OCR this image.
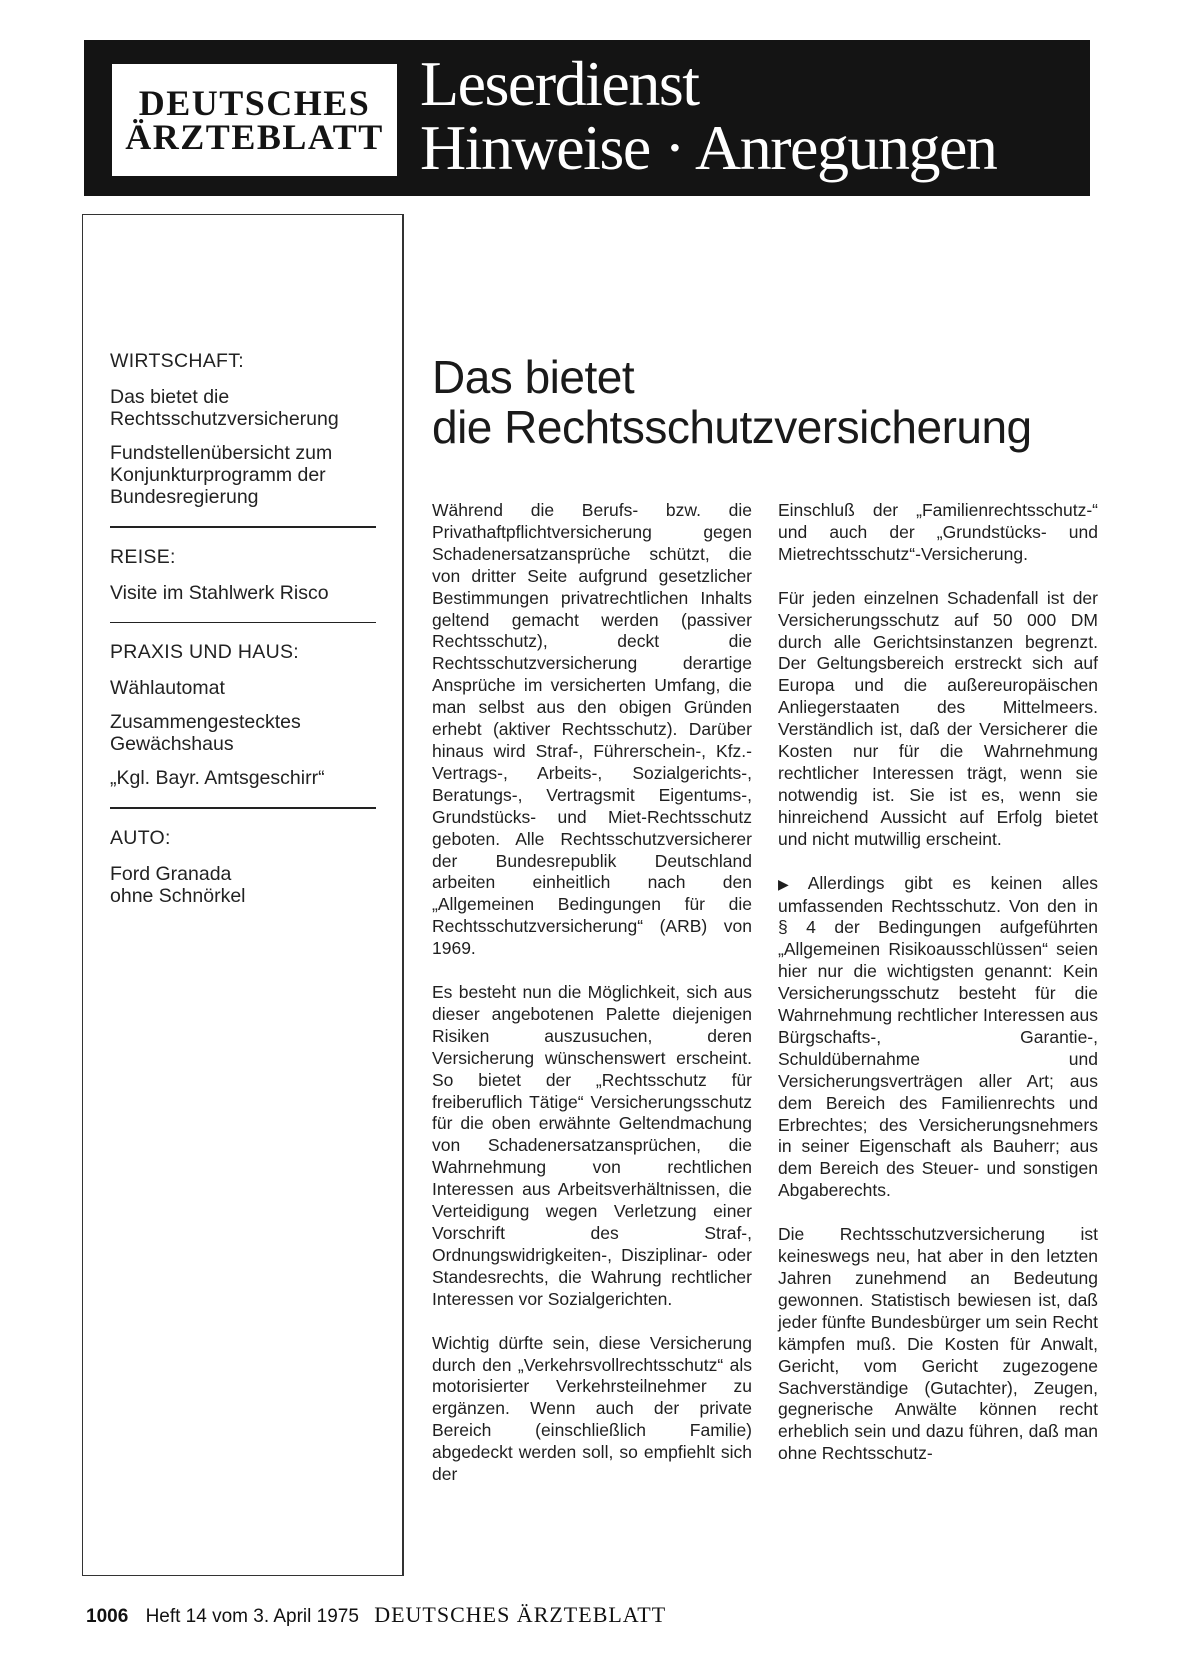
DEUTSCHES
ÄRZTEBLATT
Leserdienst
Hinweise · Anregungen
WIRTSCHAFT:
Das bietet die
Rechtsschutzversicherung
Fundstellenübersicht zum
Konjunkturprogramm der
Bundesregierung
REISE:
Visite im Stahlwerk Risco
PRAXIS UND HAUS:
Wählautomat
Zusammengestecktes
Gewächshaus
„Kgl. Bayr. Amtsgeschirr“
AUTO:
Ford Granada
ohne Schnörkel
Das bietet
die Rechtsschutzversicherung

Während die Berufs- bzw. die Privathaftpflichtversicherung gegen Schadenersatzansprüche schützt, die von dritter Seite aufgrund gesetzlicher Bestimmungen privatrechtlichen Inhalts geltend gemacht werden (passiver Rechtsschutz), deckt die Rechtsschutzversicherung derartige Ansprüche im versicherten Umfang, die man selbst aus den obigen Gründen erhebt (aktiver Rechtsschutz). Darüber hinaus wird Straf-, Führerschein-, Kfz.-Vertrags-, Arbeits-, Sozialgerichts-, Beratungs-, Vertragsmit Eigentums-, Grundstücks- und Miet-Rechtsschutz geboten. Alle Rechtsschutzversicherer der Bundesrepublik Deutschland arbeiten einheitlich nach den „Allgemeinen Bedingungen für die Rechtsschutzversicherung“ (ARB) von 1969.

Es besteht nun die Möglichkeit, sich aus dieser angebotenen Palette diejenigen Risiken auszusuchen, deren Versicherung wünschenswert erscheint. So bietet der „Rechtsschutz für freiberuflich Tätige“ Versicherungsschutz für die oben erwähnte Geltendmachung von Schadenersatzansprüchen, die Wahrnehmung von rechtlichen Interessen aus Arbeitsverhältnissen, die Verteidigung wegen Verletzung einer Vorschrift des Straf-, Ordnungswidrigkeiten-, Disziplinar- oder Standesrechts, die Wahrung rechtlicher Interessen vor Sozialgerichten.

Wichtig dürfte sein, diese Versicherung durch den „Verkehrsvollrechtsschutz“ als motorisierter Verkehrsteilnehmer zu ergänzen. Wenn auch der private Bereich (einschließlich Familie) abgedeckt werden soll, so empfiehlt sich der

Einschluß der „Familienrechtsschutz-“ und auch der „Grundstücks- und Mietrechtsschutz“-Versicherung.

Für jeden einzelnen Schadenfall ist der Versicherungsschutz auf 50 000 DM durch alle Gerichtsinstanzen begrenzt. Der Geltungsbereich erstreckt sich auf Europa und die außereuropäischen Anliegerstaaten des Mittelmeers. Verständlich ist, daß der Versicherer die Kosten nur für die Wahrnehmung rechtlicher Interessen trägt, wenn sie notwendig ist. Sie ist es, wenn sie hinreichend Aussicht auf Erfolg bietet und nicht mutwillig erscheint.

▶ Allerdings gibt es keinen alles umfassenden Rechtsschutz. Von den in § 4 der Bedingungen aufgeführten „Allgemeinen Risikoausschlüssen“ seien hier nur die wichtigsten genannt: Kein Versicherungsschutz besteht für die Wahrnehmung rechtlicher Interessen aus Bürgschafts-, Garantie-, Schuldübernahme und Versicherungsverträgen aller Art; aus dem Bereich des Familienrechts und Erbrechtes; des Versicherungsnehmers in seiner Eigenschaft als Bauherr; aus dem Bereich des Steuer- und sonstigen Abgaberechts.

Die Rechtsschutzversicherung ist keineswegs neu, hat aber in den letzten Jahren zunehmend an Bedeutung gewonnen. Statistisch bewiesen ist, daß jeder fünfte Bundesbürger um sein Recht kämpfen muß. Die Kosten für Anwalt, Gericht, vom Gericht zugezogene Sachverständige (Gutachter), Zeugen, gegnerische Anwälte können recht erheblich sein und dazu führen, daß man ohne Rechtsschutz-

1006 Heft 14 vom 3. April 1975 DEUTSCHES ÄRZTEBLATT
